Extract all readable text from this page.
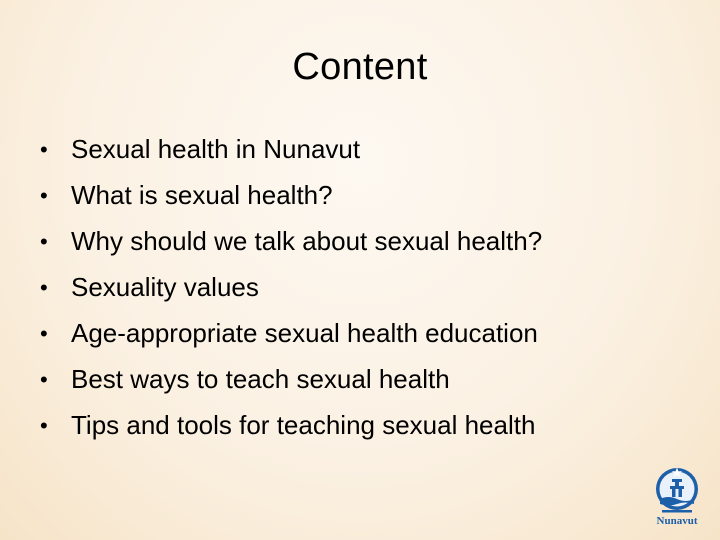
Content
• Sexual health in Nunavut
• What is sexual health?
• Why should we talk about sexual health?
• Sexuality values
• Age-appropriate sexual health education
• Best ways to teach sexual health
• Tips and tools for teaching sexual health
Nunavut
